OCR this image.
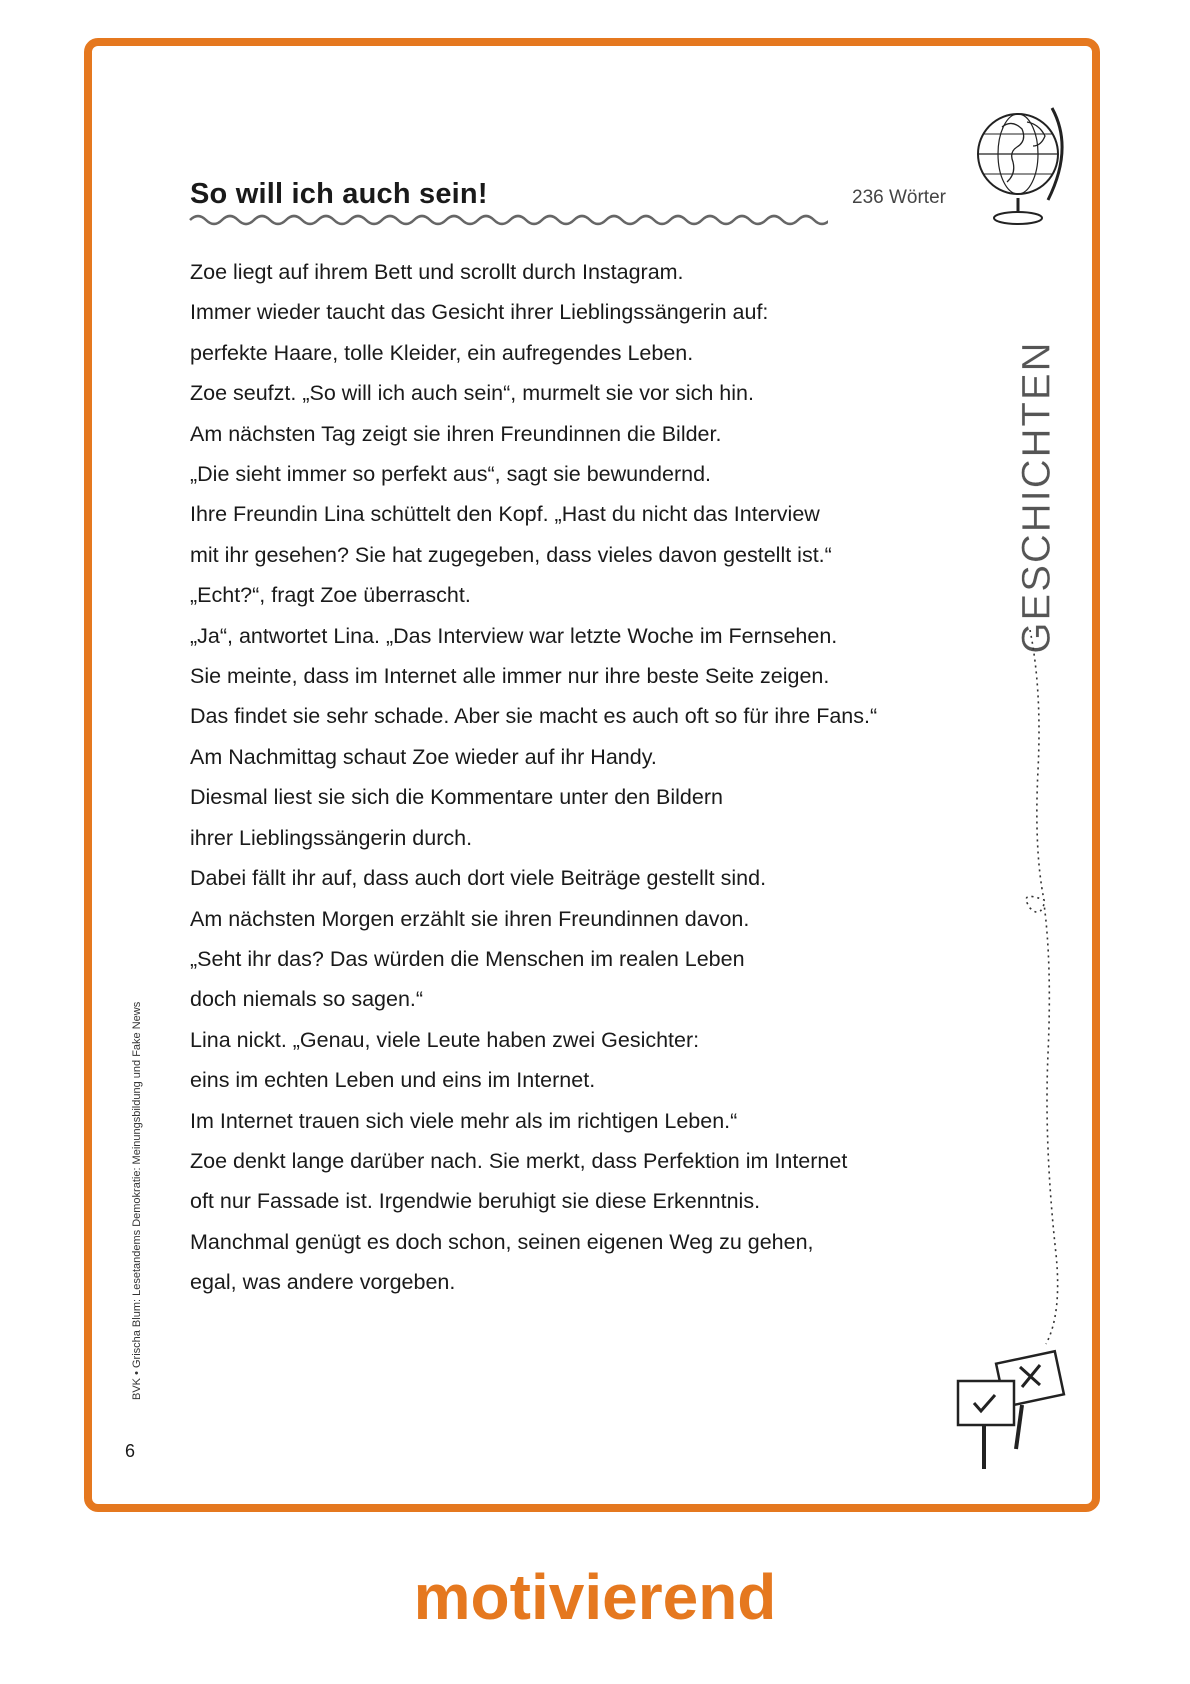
So will ich auch sein!	236 Wörter
Zoe liegt auf ihrem Bett und scrollt durch Instagram.
Immer wieder taucht das Gesicht ihrer Lieblingssängerin auf:
perfekte Haare, tolle Kleider, ein aufregendes Leben.
Zoe seufzt. „So will ich auch sein“, murmelt sie vor sich hin.
Am nächsten Tag zeigt sie ihren Freundinnen die Bilder.
„Die sieht immer so perfekt aus“, sagt sie bewundernd.
Ihre Freundin Lina schüttelt den Kopf. „Hast du nicht das Interview
mit ihr gesehen? Sie hat zugegeben, dass vieles davon gestellt ist.“
„Echt?“, fragt Zoe überrascht.
„Ja“, antwortet Lina. „Das Interview war letzte Woche im Fernsehen.
Sie meinte, dass im Internet alle immer nur ihre beste Seite zeigen.
Das findet sie sehr schade. Aber sie macht es auch oft so für ihre Fans.“
Am Nachmittag schaut Zoe wieder auf ihr Handy.
Diesmal liest sie sich die Kommentare unter den Bildern
ihrer Lieblingssängerin durch.
Dabei fällt ihr auf, dass auch dort viele Beiträge gestellt sind.
Am nächsten Morgen erzählt sie ihren Freundinnen davon.
„Seht ihr das? Das würden die Menschen im realen Leben
doch niemals so sagen.“
Lina nickt. „Genau, viele Leute haben zwei Gesichter:
eins im echten Leben und eins im Internet.
Im Internet trauen sich viele mehr als im richtigen Leben.“
Zoe denkt lange darüber nach. Sie merkt, dass Perfektion im Internet
oft nur Fassade ist. Irgendwie beruhigt sie diese Erkenntnis.
Manchmal genügt es doch schon, seinen eigenen Weg zu gehen,
egal, was andere vorgeben.
GESCHICHTEN
BVK • Grischa Blum: Lesetandems Demokratie: Meinungsbildung und Fake News
6
motivierend
